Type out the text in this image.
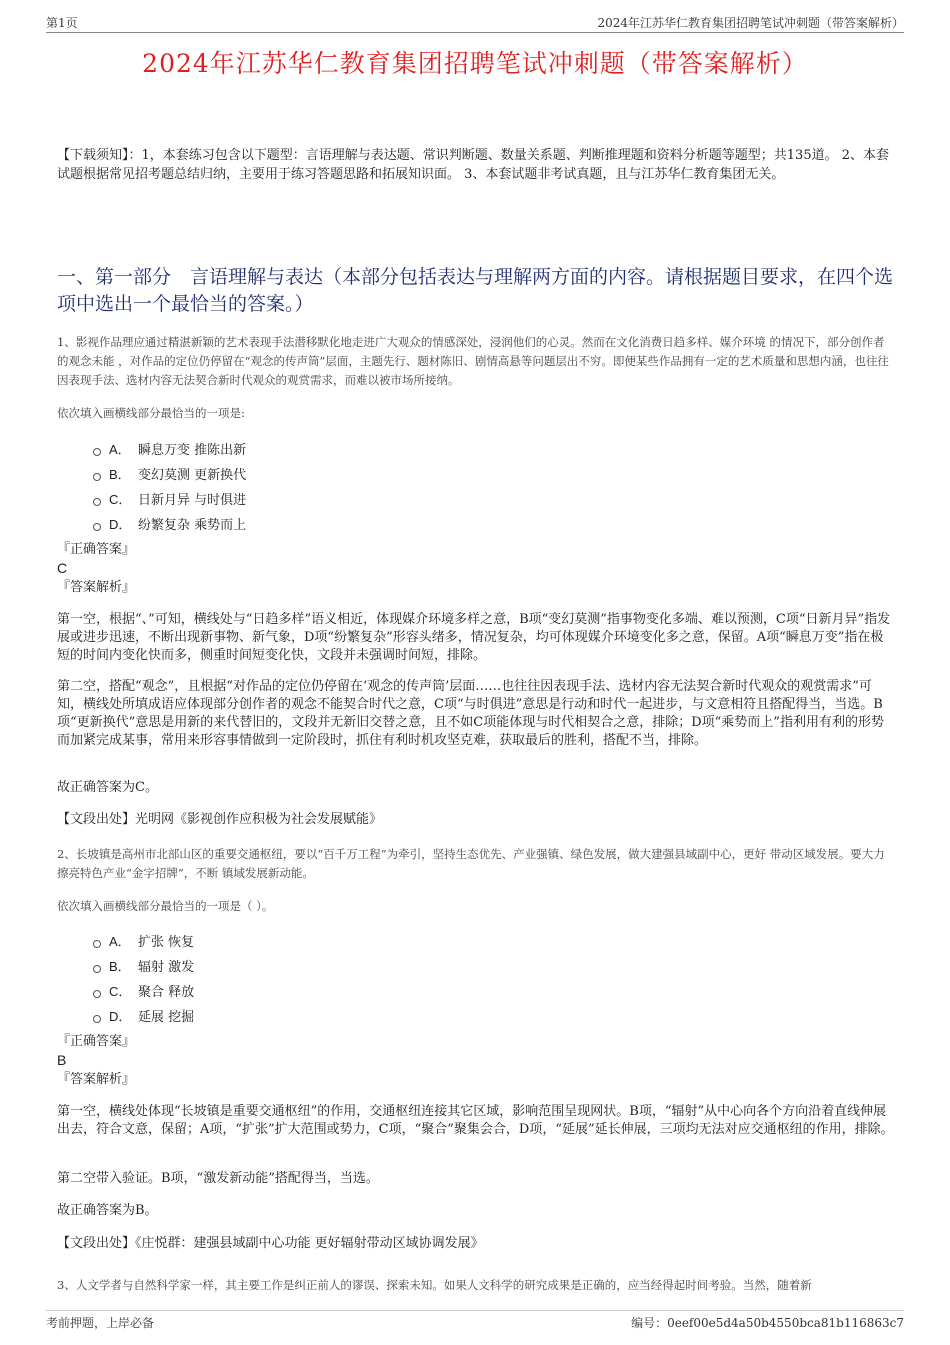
第1页	2024年江苏华仁教育集团招聘笔试冲刺题（带答案解析）
2024年江苏华仁教育集团招聘笔试冲刺题（带答案解析）
【下载须知】：1，本套练习包含以下题型：言语理解与表达题、常识判断题、数量关系题、判断推理题和资料分析题等题型；共135道。 2、本套试题根据常见招考题总结归纳，主要用于练习答题思路和拓展知识面。 3、本套试题非考试真题，且与江苏华仁教育集团无关。
一、第一部分　言语理解与表达（本部分包括表达与理解两方面的内容。请根据题目要求，在四个选项中选出一个最恰当的答案。）
1、影视作品理应通过精湛新颖的艺术表现手法潜移默化地走进广大观众的情感深处，浸润他们的心灵。然而在文化消费日趋多样、媒介环境 的情况下，部分创作者的观念未能 ，对作品的定位仍停留在“观念的传声筒”层面，主题先行、题材陈旧、剧情高悬等问题层出不穷。即便某些作品拥有一定的艺术质量和思想内涵，也往往因表现手法、选材内容无法契合新时代观众的观赏需求，而难以被市场所接纳。
依次填入画横线部分最恰当的一项是:
A． 瞬息万变 推陈出新
B． 变幻莫测 更新换代
C． 日新月异 与时俱进
D． 纷繁复杂 乘势而上
『正确答案』
C
『答案解析』
第一空，根据“、”可知，横线处与“日趋多样”语义相近，体现媒介环境多样之意，B项“变幻莫测”指事物变化多端、难以预测，C项“日新月异”指发展或进步迅速，不断出现新事物、新气象，D项“纷繁复杂”形容头绪多，情况复杂，均可体现媒介环境变化多之意，保留。A项“瞬息万变”指在极短的时间内变化快而多，侧重时间短变化快，文段并未强调时间短，排除。
第二空，搭配“观念”，且根据“对作品的定位仍停留在‘观念的传声筒’层面……也往往因表现手法、选材内容无法契合新时代观众的观赏需求”可知，横线处所填成语应体现部分创作者的观念不能契合时代之意，C项“与时俱进”意思是行动和时代一起进步，与文意相符且搭配得当，当选。B项“更新换代”意思是用新的来代替旧的，文段并无新旧交替之意，且不如C项能体现与时代相契合之意，排除；D项“乘势而上”指利用有利的形势而加紧完成某事，常用来形容事情做到一定阶段时，抓住有利时机攻坚克难，获取最后的胜利，搭配不当，排除。
故正确答案为C。
【文段出处】光明网《影视创作应积极为社会发展赋能》
2、长坡镇是高州市北部山区的重要交通枢纽，要以“百千万工程”为牵引，坚持生态优先、产业强镇、绿色发展，做大建强县域副中心，更好 带动区域发展。要大力擦亮特色产业“金字招牌”，不断 镇域发展新动能。
依次填入画横线部分最恰当的一项是（ ）。
A． 扩张 恢复
B． 辐射 激发
C． 聚合 释放
D． 延展 挖掘
『正确答案』
B
『答案解析』
第一空，横线处体现“长坡镇是重要交通枢纽”的作用，交通枢纽连接其它区域，影响范围呈现网状。B项，“辐射”从中心向各个方向沿着直线伸展出去，符合文意，保留；A项，“扩张”扩大范围或势力，C项，“聚合”聚集会合，D项，“延展”延长伸展，三项均无法对应交通枢纽的作用，排除。
第二空带入验证。B项，“激发新动能”搭配得当，当选。
故正确答案为B。
【文段出处】《庄悦群：建强县域副中心功能 更好辐射带动区域协调发展》
3、人文学者与自然科学家一样，其主要工作是纠正前人的谬误、探索未知。如果人文科学的研究成果是正确的，应当经得起时间考验。当然，随着新
考前押题，上岸必备	编号：0eef00e5d4a50b4550bca81b116863c7
